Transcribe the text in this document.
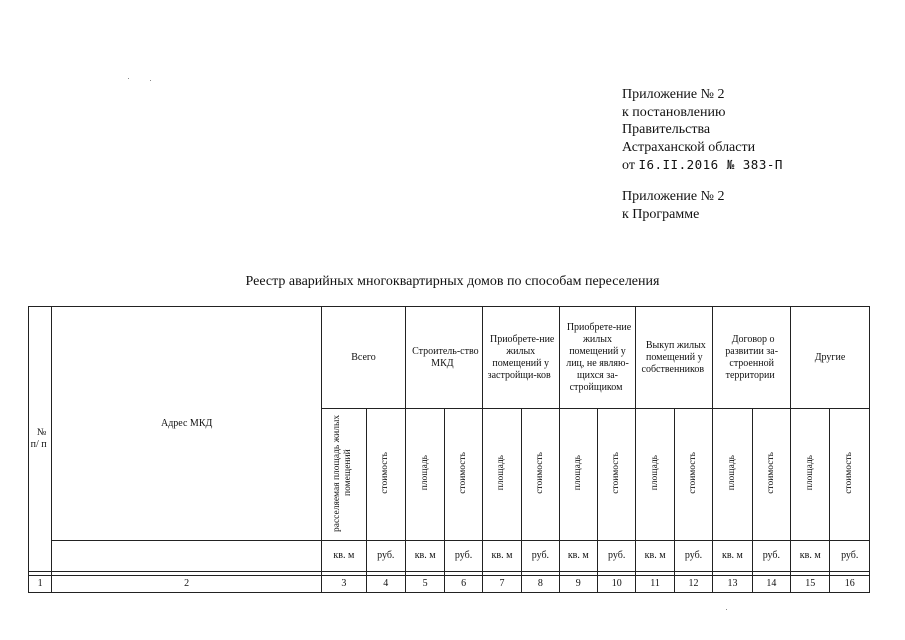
Приложение № 2
к постановлению
Правительства
Астраханской области
от I6.II.2016 № 383-П
Приложение № 2
к Программе
Реестр аварийных многоквартирных домов по способам переселения
№ п/ п	Адрес МКД	Всего		Строитель-ство МКД		Приобрете-ние жилых помещений у застройщи-ков		Приобрете-ние жилых помещений у лиц, не являю-щихся за-стройщиком		Выкуп жилых помещений у собственников		Договор о развитии за-строенной территории		Другие	
		расселяемая площадь жилых помещений	стоимость	площадь	стоимость	площадь	стоимость	площадь	стоимость	площадь	стоимость	площадь	стоимость	площадь	стоимость
		кв. м	руб.	кв. м	руб.	кв. м	руб.	кв. м	руб.	кв. м	руб.	кв. м	руб.	кв. м	руб.

1	2	3	4	5	6	7	8	9	10	11	12	13	14	15	16
